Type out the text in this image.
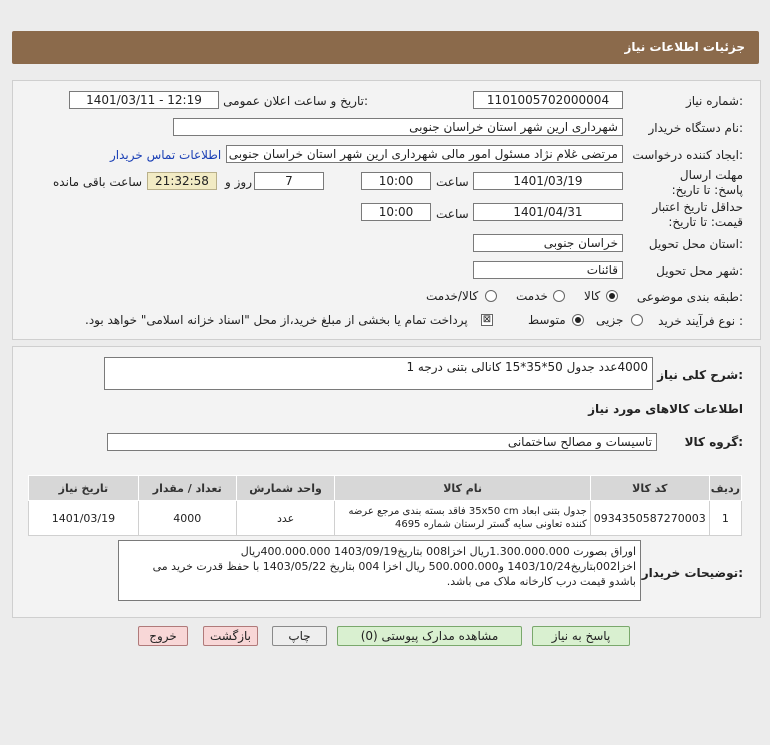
جزئیات اطلاعات نیاز
شماره نیاز:
1101005702000004
تاریخ و ساعت اعلان عمومی:
1401/03/11 - 12:19
نام دستگاه خریدار:
شهرداری ارین شهر استان خراسان جنوبی
ایجاد کننده درخواست:
مرتضی غلام نژاد مسئول امور مالی شهرداری ارین شهر استان خراسان جنوبی
اطلاعات تماس خریدار
مهلت ارسال پاسخ: تا تاریخ:
1401/03/19
ساعت
10:00
7
روز و
21:32:58
ساعت باقی مانده
حداقل تاریخ اعتبار قیمت: تا تاریخ:
1401/04/31
ساعت
10:00
استان محل تحویل:
خراسان جنوبی
شهر محل تحویل:
قائنات
طبقه بندی موضوعی:
کالا
خدمت
کالا/خدمت
نوع فرآیند خرید :
جزیی
متوسط
⊠
پرداخت تمام یا بخشی از مبلغ خرید،از محل "اسناد خزانه اسلامی" خواهد بود.
شرح کلی نیاز:
4000عدد جدول 50*35*15 کانالی بتنی درجه 1
اطلاعات کالاهای مورد نیاز
گروه کالا:
تاسیسات و مصالح ساختمانی
ردیف	کد کالا	نام کالا	واحد شمارش	تعداد / مقدار	تاریخ نیاز
1	0934350587270003	جدول بتنی ابعاد 35x50 cm فاقد بسته بندی مرجع عرضه کننده تعاونی سایه گستر لرستان شماره 4695	عدد	4000	1401/03/19
توضیحات خریدار:
اوراق بصورت 1.300.000.000ریال اخزا008 بتاریخ1403/09/19 400.000.000ریال اخزا002بتاریخ1403/10/24 و500.000.000 ریال اخزا 004 بتاریخ 1403/05/22 با حفظ قدرت خرید می باشدو قیمت درب کارخانه ملاک می باشد.
پاسخ به نیاز
مشاهده مدارک پیوستی (0)
چاپ
بازگشت
خروج
